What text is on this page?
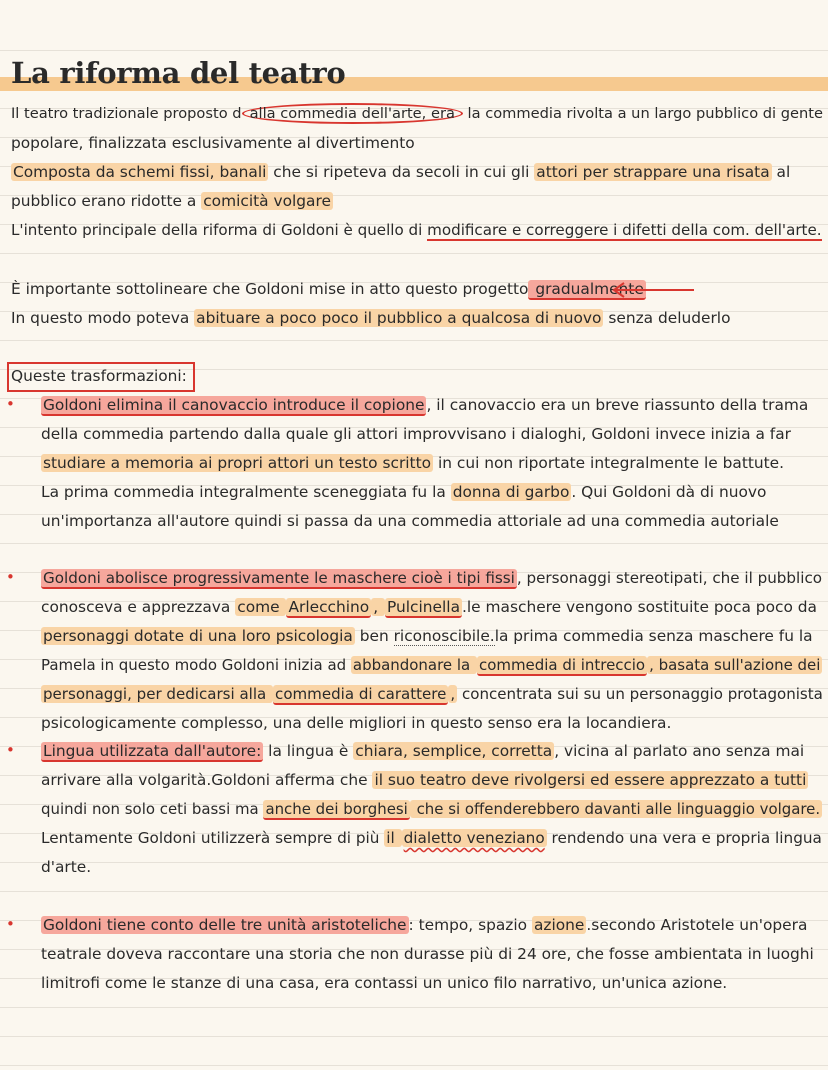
La riforma del teatro
Il teatro tradizionale proposto d alla commedia dell'arte, era la commedia rivolta a un largo pubblico di gente
popolare, finalizzata esclusivamente al divertimento
Composta da schemi fissi, banali che si ripeteva da secoli in cui gli attori per strappare una risata al
pubblico erano ridotte a comicità volgare
L'intento principale della riforma di Goldoni è quello di modificare e correggere i difetti della com. dell'arte.
È importante sottolineare che Goldoni mise in atto questo progetto gradualmente
In questo modo poteva abituare a poco poco il pubblico a qualcosa di nuovo senza deluderlo
Queste trasformazioni:
• Goldoni elimina il canovaccio introduce il copione , il canovaccio era un breve riassunto della trama
della commedia partendo dalla quale gli attori improvvisano i dialoghi, Goldoni invece inizia a far
studiare a memoria ai propri attori un testo scritto in cui non riportate integralmente le battute.
La prima commedia integralmente sceneggiata fu la donna di garbo . Qui Goldoni dà di nuovo
un'importanza all'autore quindi si passa da una commedia attoriale ad una commedia autoriale
• Goldoni abolisce progressivamente le maschere cioè i tipi fissi , personaggi stereotipati, che il pubblico
conosceva e apprezzava come Arlecchino , Pulcinella .le maschere vengono sostituite poca poco da
personaggi dotate di una loro psicologia ben riconoscibile.la prima commedia senza maschere fu la
Pamela in questo modo Goldoni inizia ad abbandonare la commedia di intreccio , basata sull'azione dei
personaggi, per dedicarsi alla commedia di carattere , concentrata sui su un personaggio protagonista
psicologicamente complesso, una delle migliori in questo senso era la locandiera.
• Lingua utilizzata dall'autore: la lingua è chiara, semplice, corretta , vicina al parlato ano senza mai
arrivare alla volgarità.Goldoni afferma che il suo teatro deve rivolgersi ed essere apprezzato a tutti
quindi non solo ceti bassi ma anche dei borghesi che si offenderebbero davanti alle linguaggio volgare.
Lentamente Goldoni utilizzerà sempre di più il dialetto veneziano rendendo una vera e propria lingua
d'arte.
• Goldoni tiene conto delle tre unità aristoteliche : tempo, spazio azione .secondo Aristotele un'opera
teatrale doveva raccontare una storia che non durasse più di 24 ore, che fosse ambientata in luoghi
limitrofi come le stanze di una casa, era contassi un unico filo narrativo, un'unica azione.
